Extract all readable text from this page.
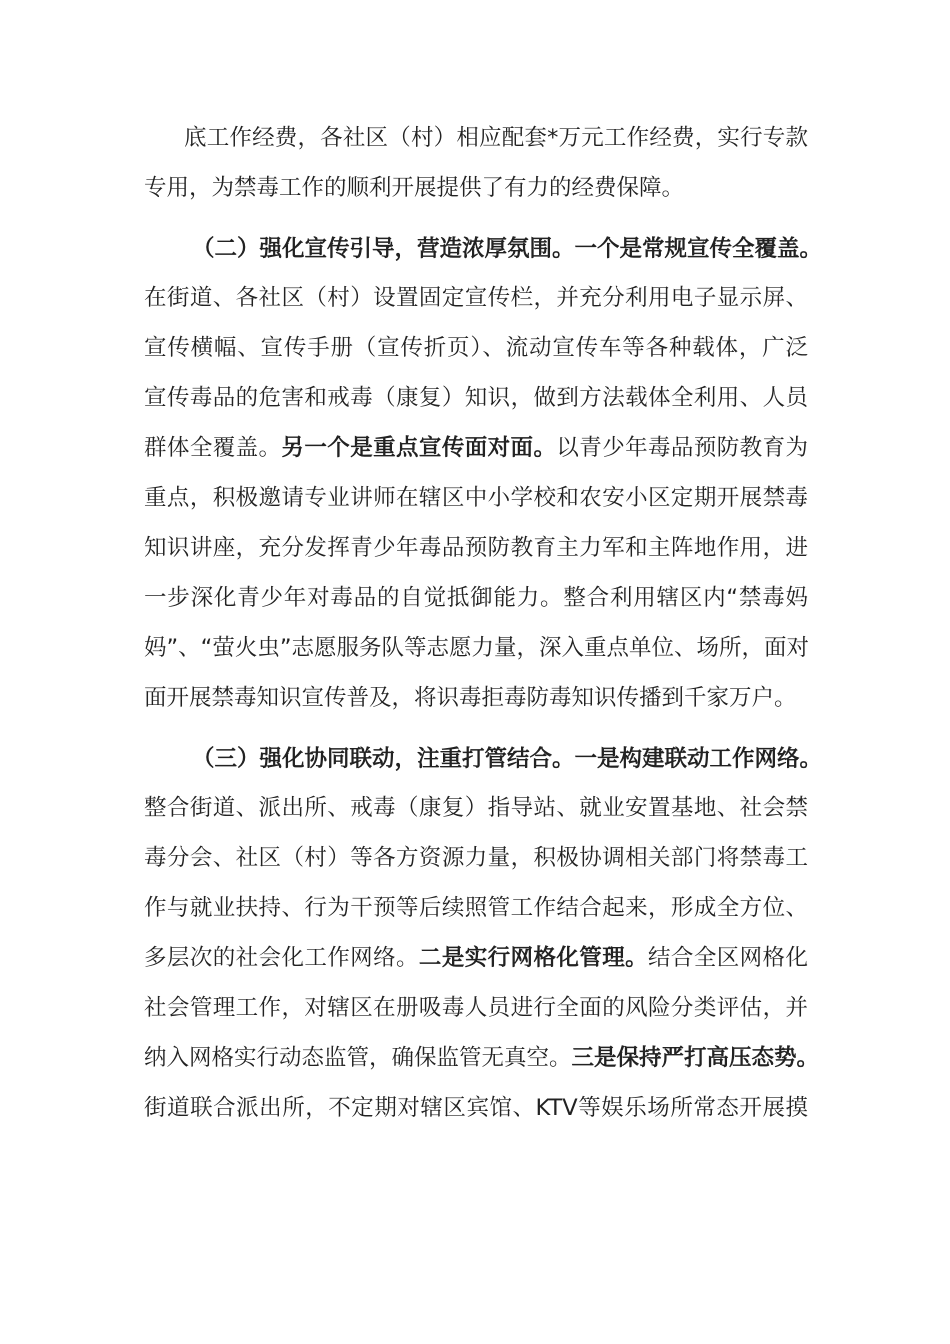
底工作经费，各社区（村）相应配套*万元工作经费，实行专款
专用，为禁毒工作的顺利开展提供了有力的经费保障。
（二）强化宣传引导，营造浓厚氛围。一个是常规宣传全覆盖。
在街道、各社区（村）设置固定宣传栏，并充分利用电子显示屏、
宣传横幅、宣传手册（宣传折页）、流动宣传车等各种载体，广泛
宣传毒品的危害和戒毒（康复）知识，做到方法载体全利用、人员
群体全覆盖。另一个是重点宣传面对面。以青少年毒品预防教育为
重点，积极邀请专业讲师在辖区中小学校和农安小区定期开展禁毒
知识讲座，充分发挥青少年毒品预防教育主力军和主阵地作用，进
一步深化青少年对毒品的自觉抵御能力。整合利用辖区内“禁毒妈
妈”、“萤火虫”志愿服务队等志愿力量，深入重点单位、场所，面对
面开展禁毒知识宣传普及，将识毒拒毒防毒知识传播到千家万户。
（三）强化协同联动，注重打管结合。一是构建联动工作网络。
整合街道、派出所、戒毒（康复）指导站、就业安置基地、社会禁
毒分会、社区（村）等各方资源力量，积极协调相关部门将禁毒工
作与就业扶持、行为干预等后续照管工作结合起来，形成全方位、
多层次的社会化工作网络。二是实行网格化管理。结合全区网格化
社会管理工作，对辖区在册吸毒人员进行全面的风险分类评估，并
纳入网格实行动态监管，确保监管无真空。三是保持严打高压态势。
街道联合派出所，不定期对辖区宾馆、KTV等娱乐场所常态开展摸
